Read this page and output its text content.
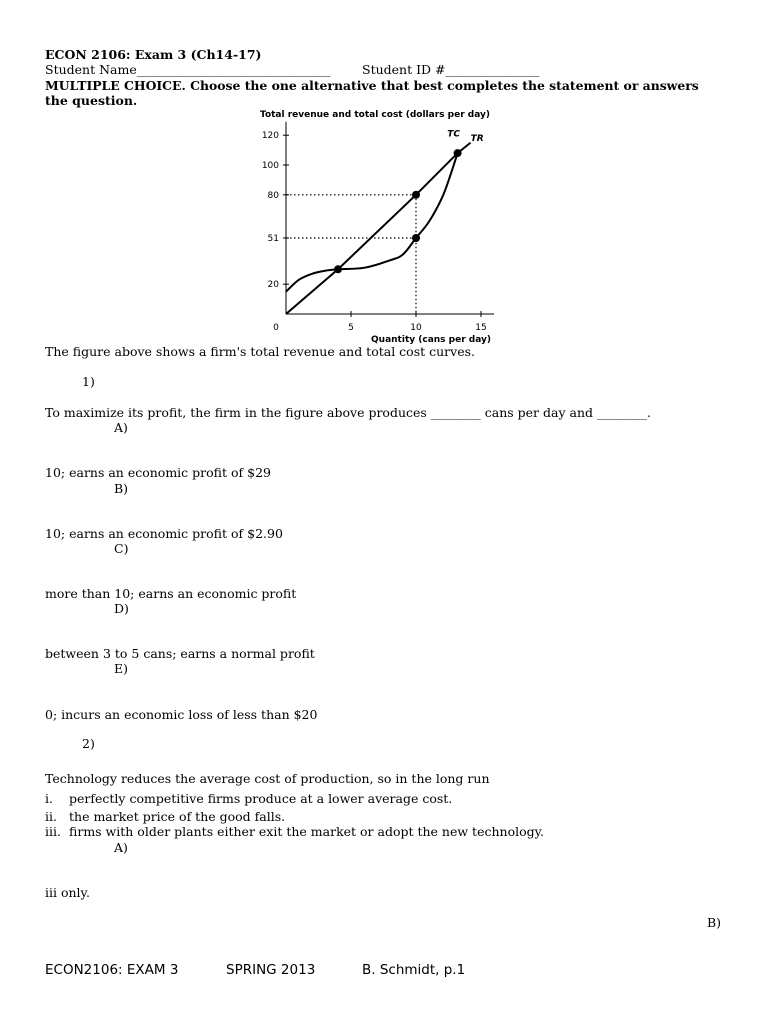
ECON 2106: Exam 3 (Ch14-17)
Student Name_______________________________	Student ID #_______________
MULTIPLE CHOICE. Choose the one alternative that best completes the statement or answers
the question.
Total revenue and total cost (dollars per day)
20
51
80
100
120
0	5	10	15
TC TR
Quantity (cans per day)
The figure above shows a firm's total revenue and total cost curves.
1)
To maximize its profit, the firm in the figure above produces ________ cans per day and ________.
A)
10; earns an economic profit of $29
B)
10; earns an economic profit of $2.90
C)
more than 10; earns an economic profit
D)
between 3 to 5 cans; earns a normal profit
E)
0; incurs an economic loss of less than $20
2)
Technology reduces the average cost of production, so in the long run
i. perfectly competitive firms produce at a lower average cost.
ii. the market price of the good falls.
iii. firms with older plants either exit the market or adopt the new technology.
A)
iii only.
B)
ECON2106: EXAM 3	SPRING 2013	B. Schmidt, p.1
